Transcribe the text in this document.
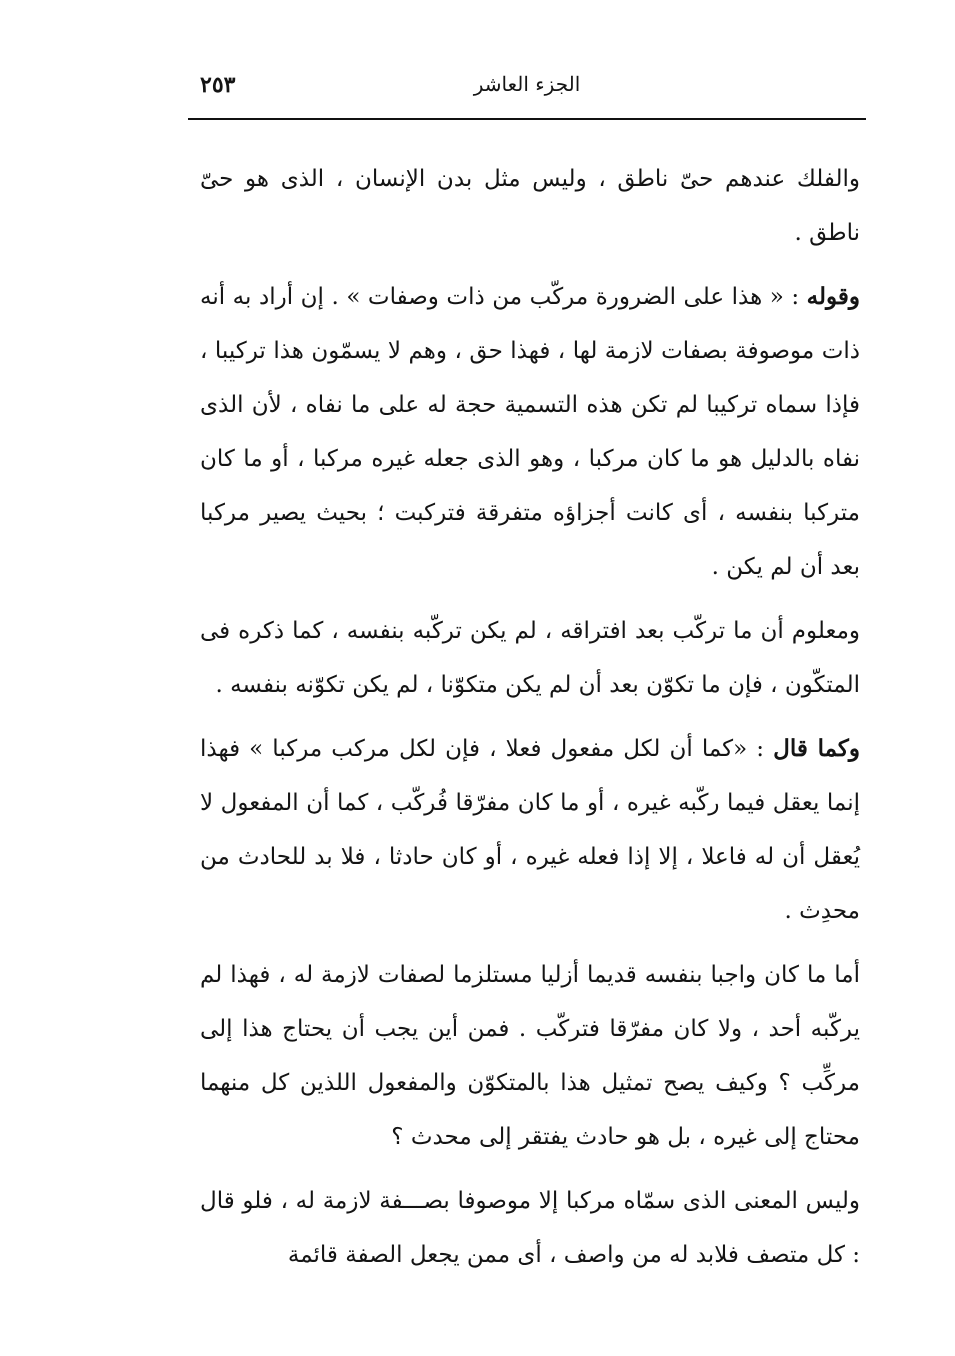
٢٥٣	الجزء العاشر

والفلك عندهم حىّ ناطق ، وليس مثل بدن الإنسان ، الذى هو حىّ ناطق .

وقوله : « هذا على الضرورة مركّب من ذات وصفات » . إن أراد به أنه ذات موصوفة بصفات لازمة لها ، فهذا حق ، وهم لا يسمّون هذا تركيبا ، فإذا سماه تركيبا لم تكن هذه التسمية حجة له على ما نفاه ، لأن الذى نفاه بالدليل هو ما كان مركبا ، وهو الذى جعله غيره مركبا ، أو ما كان متركبا بنفسه ، أى كانت أجزاؤه متفرقة فتركبت ؛ بحيث يصير مركبا بعد أن لم يكن .

ومعلوم أن ما تركّب بعد افتراقه ، لم يكن تركّبه بنفسه ، كما ذكره فى المتكّون ، فإن ما تكوّن بعد أن لم يكن متكوّنا ، لم يكن تكوّنه بنفسه .

وكما قال : «كما أن لكل مفعول فعلا ، فإن لكل مركب مركبا » فهذا إنما يعقل فيما ركّبه غيره ، أو ما كان مفرّقا فُركّب ، كما أن المفعول لا يُعقل أن له فاعلا ، إلا إذا فعله غيره ، أو كان حادثا ، فلا بد للحادث من محدِث .

أما ما كان واجبا بنفسه قديما أزليا مستلزما لصفات لازمة له ، فهذا لم يركّبه أحد ، ولا كان مفرّقا فتركّب . فمن أين يجب أن يحتاج هذا إلى مركِّب ؟ وكيف يصح تمثيل هذا بالمتكوّن والمفعول اللذين كل منهما محتاج إلى غيره ، بل هو حادث يفتقر إلى محدث ؟

وليس المعنى الذى سمّاه مركبا إلا موصوفا بصـــفة لازمة له ، فلو قال : كل متصف فلابد له من واصف ، أى ممن يجعل الصفة قائمة
